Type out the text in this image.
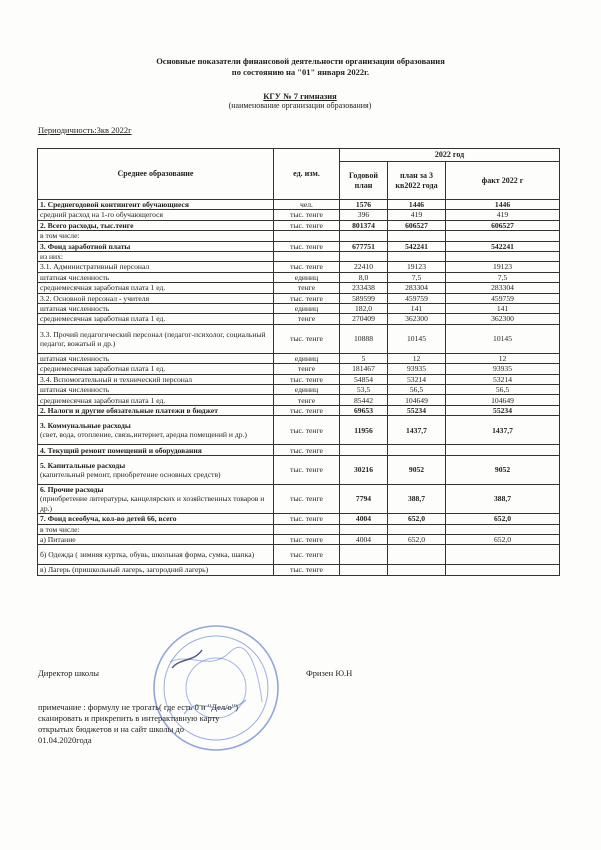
Основные показатели финансовой деятельности организации образования
по состоянию на "01" января 2022г.
КГУ № 7 гимназия
(наименование организации образования)
Периодичность:3кв 2022г
Среднее образование	ед. изм.	2022 год		
		Годовой план	план за 3 кв2022 года	факт 2022 г
1. Среднегодовой контингент обучающиеся	чел.	1576	1446	1446
средний расход на 1-го обучающегося	тыс. тенге	396	419	419
2. Всего расходы, тыс.тенге	тыс. тенге	801374	606527	606527
в том числе:				
3. Фонд заработной платы	тыс. тенге	677751	542241	542241
из них:				
3.1. Административный персонал	тыс. тенге	22410	19123	19123
штатная численность	единиц	8,0	7,5	7,5
среднемесячная заработная плата 1 ед.	тенге	233438	283304	283304
3.2. Основной персонал - учителя	тыс. тенге	589599	459759	459759
штатная численность	единиц	182,0	141	141
среднемесячная заработная плата 1 ед.	тенге	270409	362300	362300
3.3. Прочий педагогический персонал (педагог-психолог, социальный педагог, вожатый и др.)	тыс. тенге	10888	10145	10145
штатная численность	единиц	5	12	12
среднемесячная заработная плата 1 ед.	тенге	181467	93935	93935
3.4. Вспомогательный и технический персонал	тыс. тенге	54854	53214	53214
штатная численность	единиц	53,5	56,5	56,5
среднемесячная заработная плата 1 ед.	тенге	85442	104649	104649
2. Налоги и другие обязательные платежи в бюджет	тыс. тенге	69653	55234	55234
3. Коммунальные расходы
(свет, вода, отопление, связь,интернет, аредна помещений и др.)	тыс. тенге	11956	1437,7	1437,7
4. Текущий ремонт помещений и оборудования	тыс. тенге			
5. Капитальные расходы
(капительный ремонт, приобретение основных средств)	тыс. тенге	30216	9052	9052
6. Прочие расходы
(приобретение литературы, канцелярских и хозяйственных товаров и др.)	тыс. тенге	7794	388,7	388,7
7. Фонд всеобуча, кол-во детей 66, всего	тыс. тенге	4004	652,0	652,0
в том числе:				
а) Питание	тыс. тенге	4004	652,0	652,0
б) Одежда ( зимняя куртка, обувь, школьная форма, сумка, шапка)	тыс. тенге			
в) Лагерь (пришкольный лагерь, загородний лагерь)	тыс. тенге			
Директор школы	Фризен Ю.Н
примечание : формулу не трогать( где есть 0 и "Дел/о")
сканировать и прикрепить в интерактивную карту
открытых бюджетов и на сайт школы до
01.04.2020года
